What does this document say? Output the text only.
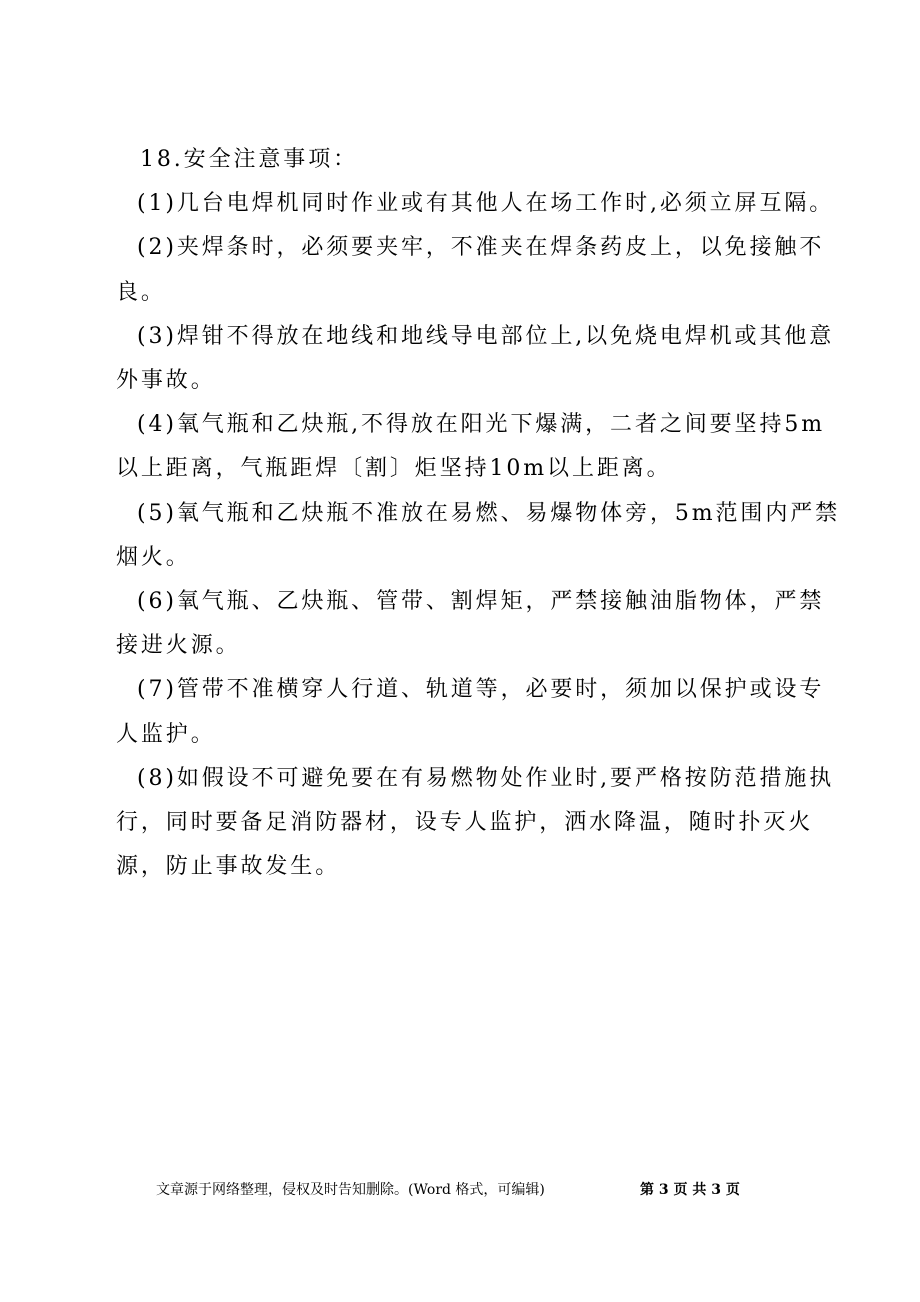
18.安全注意事项：

(1)几台电焊机同时作业或有其他人在场工作时,必须立屏互隔。

(2)夹焊条时，必须要夹牢，不准夹在焊条药皮上，以免接触不良。

(3)焊钳不得放在地线和地线导电部位上,以免烧电焊机或其他意外事故。

(4)氧气瓶和乙炔瓶,不得放在阳光下爆满，二者之间要坚持5m以上距离，气瓶距焊〔割〕炬坚持10m以上距离。

(5)氧气瓶和乙炔瓶不准放在易燃、易爆物体旁，5m范围内严禁烟火。

(6)氧气瓶、乙炔瓶、管带、割焊矩，严禁接触油脂物体，严禁接进火源。

(7)管带不准横穿人行道、轨道等，必要时，须加以保护或设专人监护。

(8)如假设不可避免要在有易燃物处作业时,要严格按防范措施执行，同时要备足消防器材，设专人监护，洒水降温，随时扑灭火源，防止事故发生。

文章源于网络整理，侵权及时告知删除。(Word 格式，可编辑)	第 3 页 共 3 页
